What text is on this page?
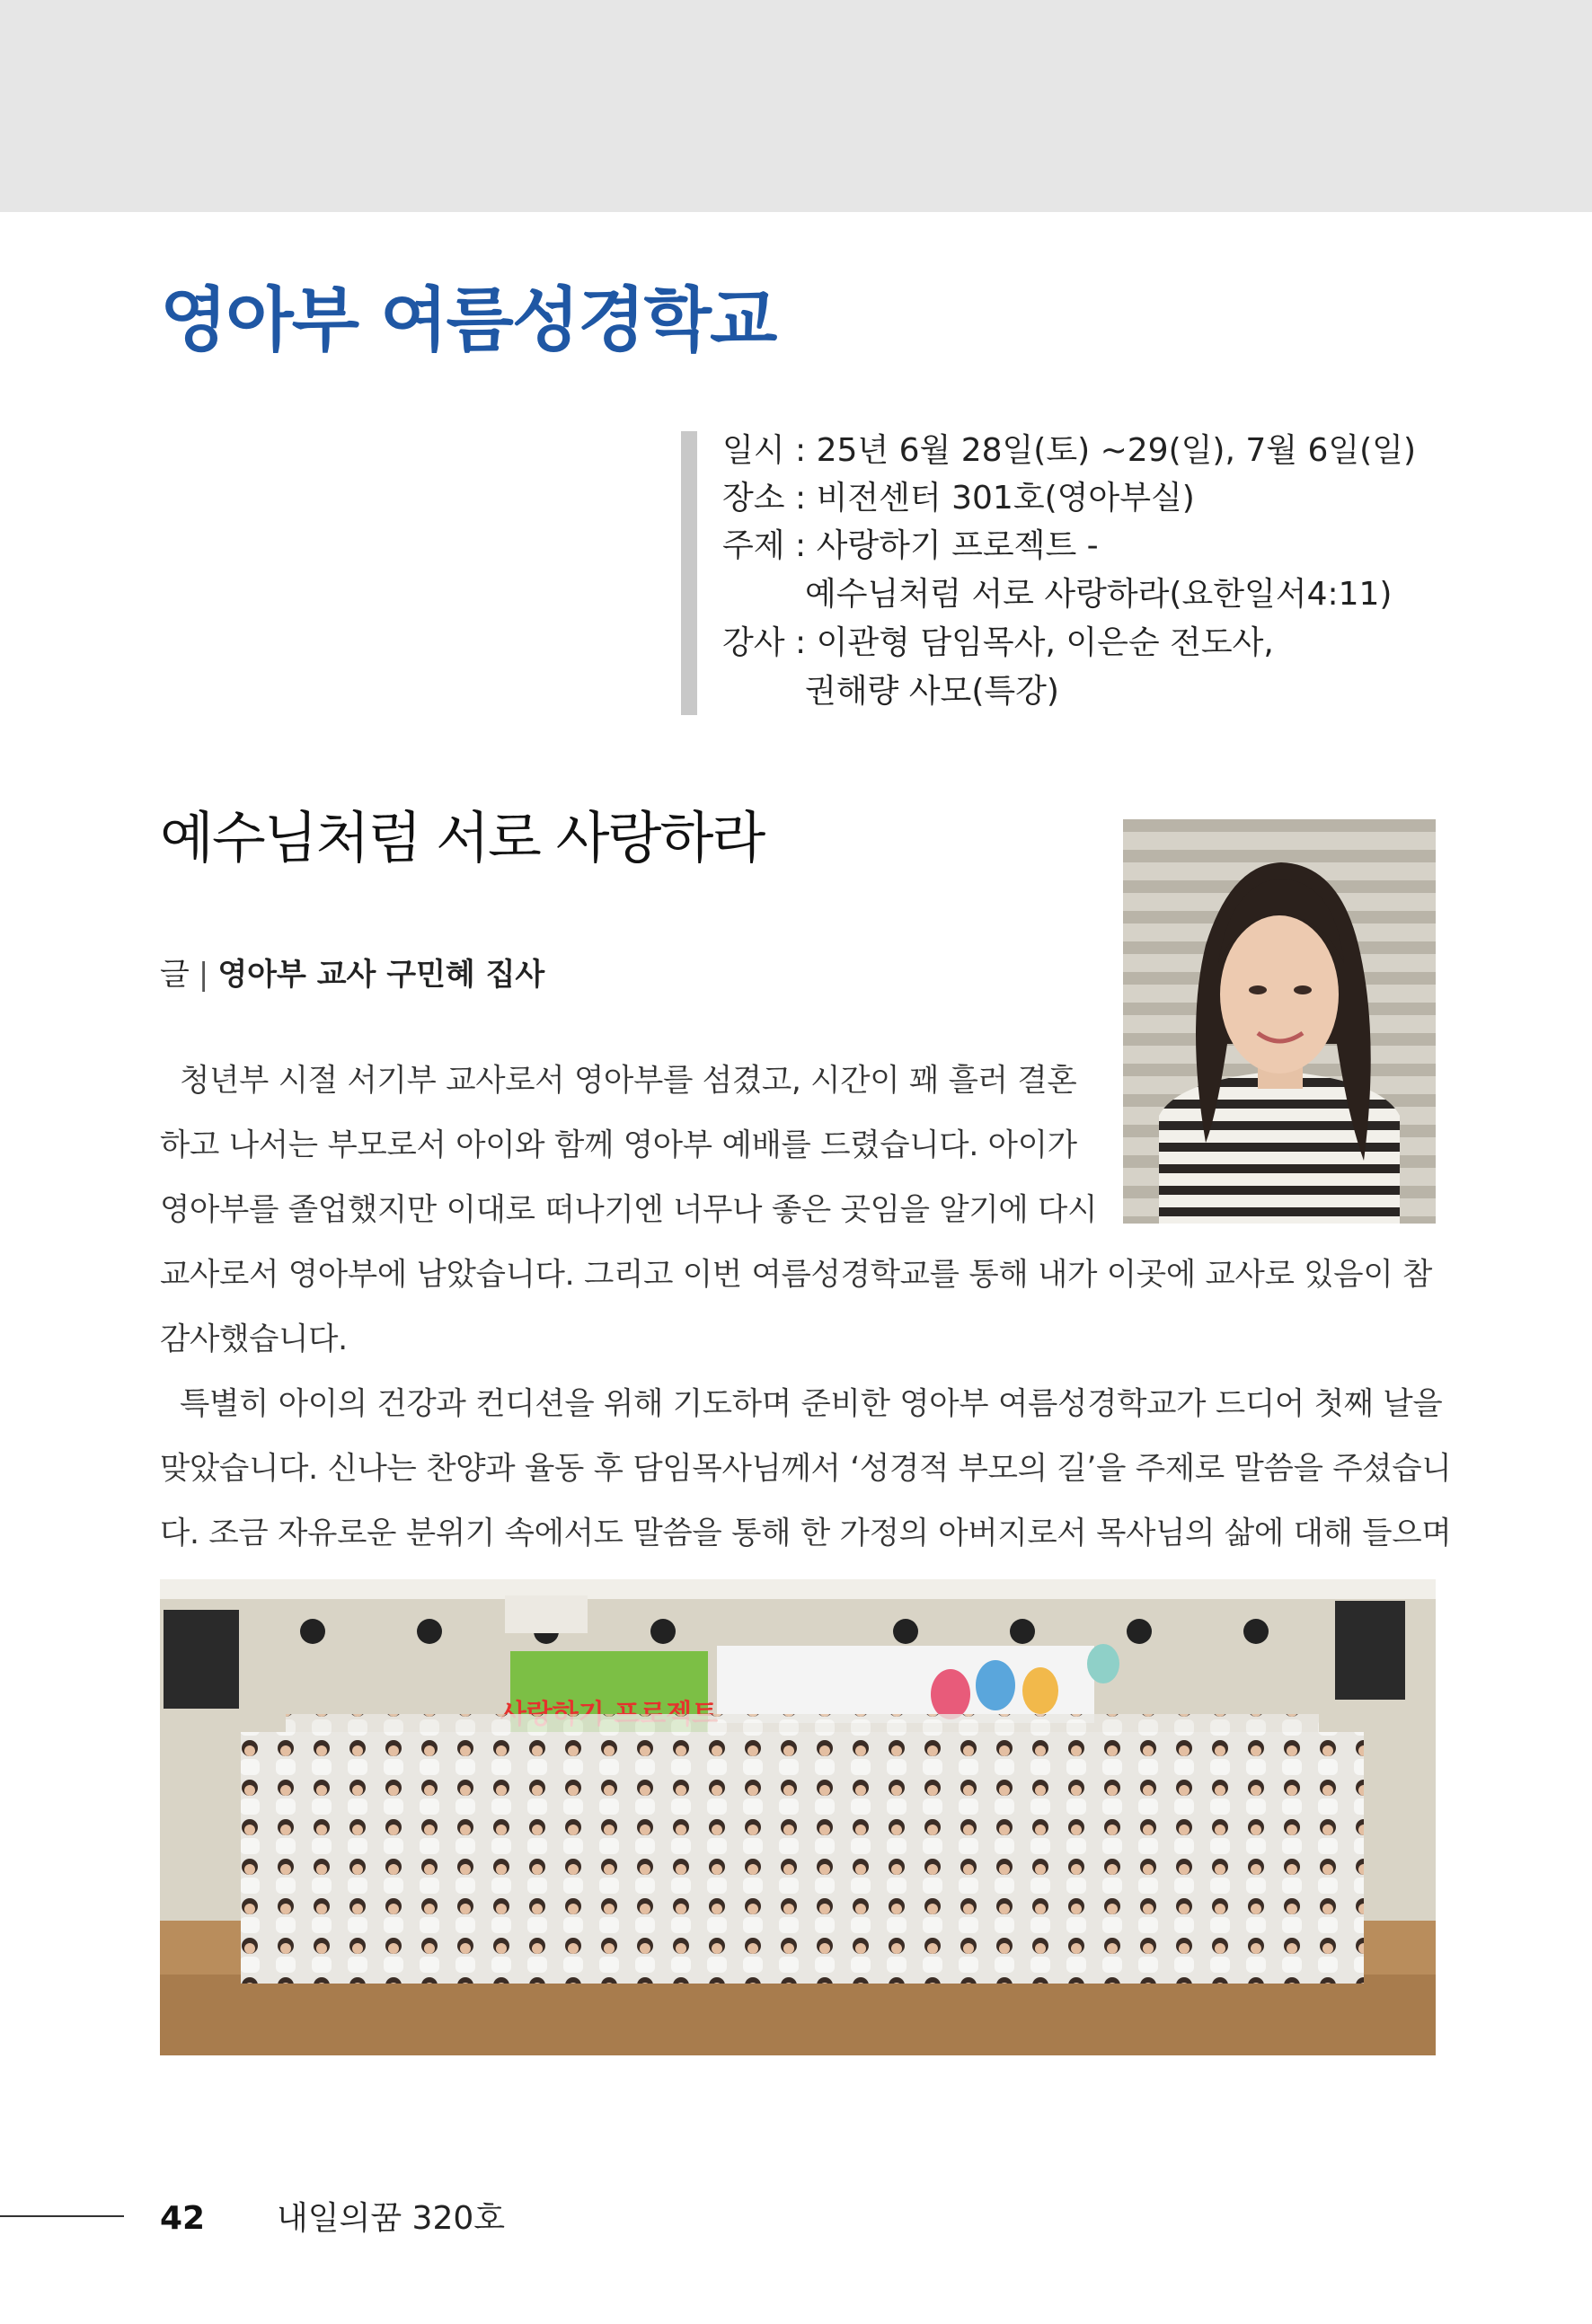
영아부 여름성경학교
일시 : 25년 6월 28일(토) ~29(일), 7월 6일(일)
장소 : 비전센터 301호(영아부실)
주제 : 사랑하기 프로젝트 -
예수님처럼 서로 사랑하라(요한일서4:11)
강사 : 이관형 담임목사, 이은순 전도사,
권해량 사모(특강)
예수님처럼 서로 사랑하라
글 | 영아부 교사 구민혜 집사
청년부 시절 서기부 교사로서 영아부를 섬겼고, 시간이 꽤 흘러 결혼
하고 나서는 부모로서 아이와 함께 영아부 예배를 드렸습니다. 아이가
영아부를 졸업했지만 이대로 떠나기엔 너무나 좋은 곳임을 알기에 다시
교사로서 영아부에 남았습니다. 그리고 이번 여름성경학교를 통해 내가 이곳에 교사로 있음이 참
감사했습니다.
특별히 아이의 건강과 컨디션을 위해 기도하며 준비한 영아부 여름성경학교가 드디어 첫째 날을
맞았습니다. 신나는 찬양과 율동 후 담임목사님께서 ‘성경적 부모의 길’을 주제로 말씀을 주셨습니
다. 조금 자유로운 분위기 속에서도 말씀을 통해 한 가정의 아버지로서 목사님의 삶에 대해 들으며
42 내일의꿈 320호
